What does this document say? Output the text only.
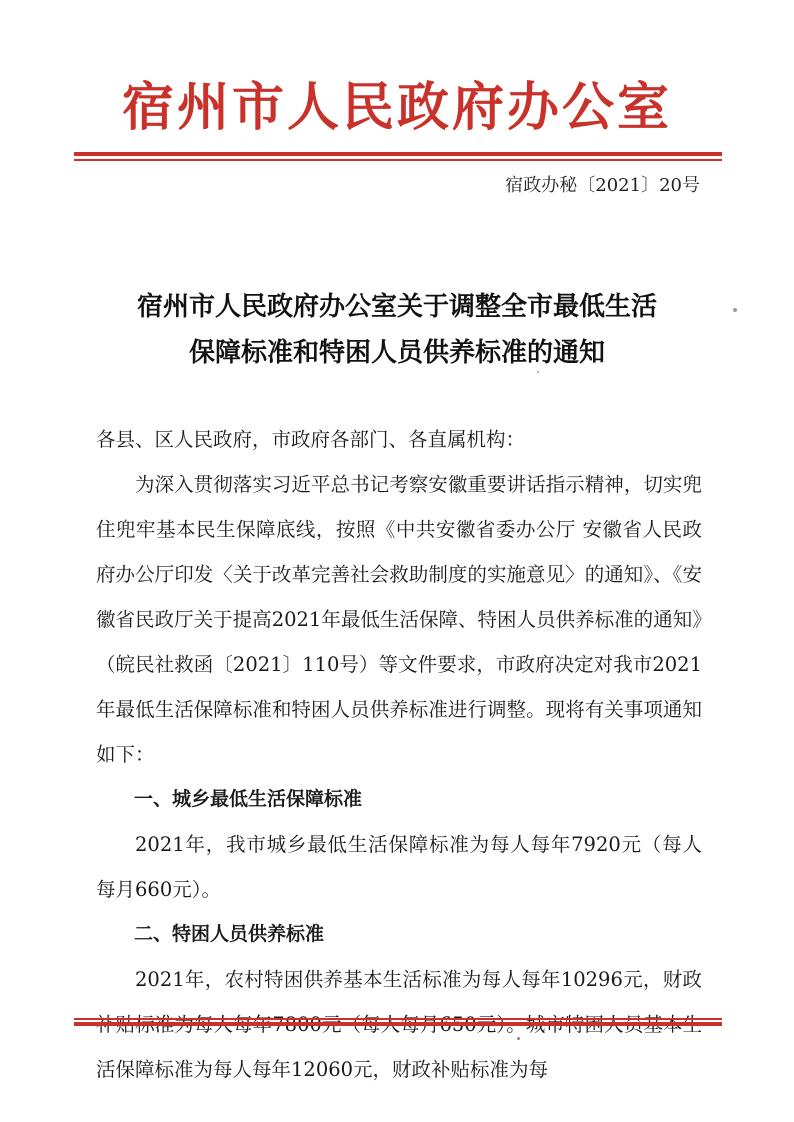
宿州市人民政府办公室
宿政办秘〔2021〕20号
宿州市人民政府办公室关于调整全市最低生活
保障标准和特困人员供养标准的通知

各县、区人民政府，市政府各部门、各直属机构：

为深入贯彻落实习近平总书记考察安徽重要讲话指示精神，切实兜住兜牢基本民生保障底线，按照《中共安徽省委办公厅 安徽省人民政府办公厅印发〈关于改革完善社会救助制度的实施意见〉的通知》、《安徽省民政厅关于提高2021年最低生活保障、特困人员供养标准的通知》（皖民社救函〔2021〕110号）等文件要求，市政府决定对我市2021年最低生活保障标准和特困人员供养标准进行调整。现将有关事项通知如下：

一、城乡最低生活保障标准

2021年，我市城乡最低生活保障标准为每人每年7920元（每人每月660元）。

二、特困人员供养标准

2021年，农村特困供养基本生活标准为每人每年10296元，财政 活保障标准为每人每年12060元，财政补贴标准为每
